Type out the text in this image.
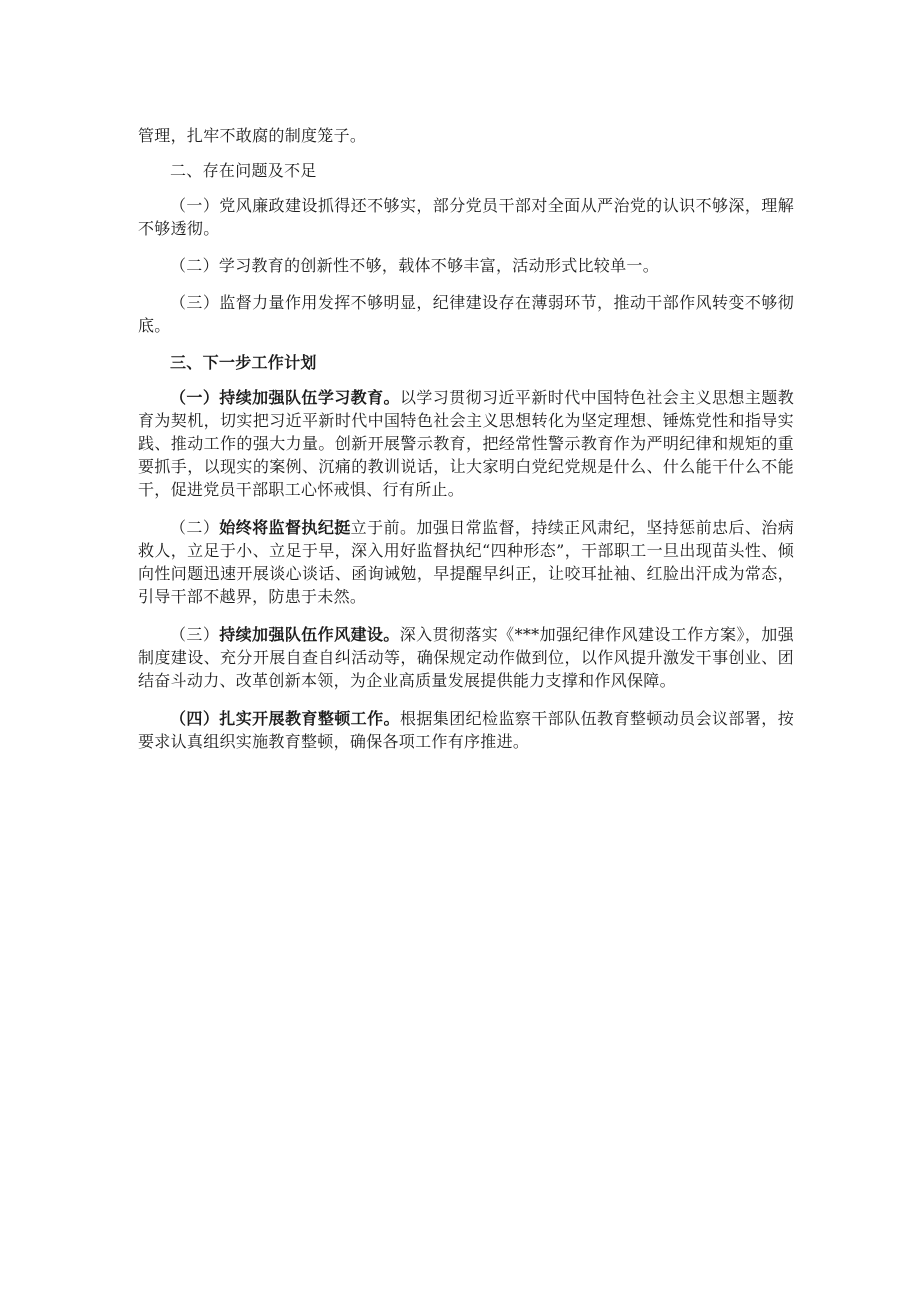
管理，扎牢不敢腐的制度笼子。

二、存在问题及不足

（一）党风廉政建设抓得还不够实，部分党员干部对全面从严治党的认识不够深，理解不够透彻。

（二）学习教育的创新性不够，载体不够丰富，活动形式比较单一。

（三）监督力量作用发挥不够明显，纪律建设存在薄弱环节，推动干部作风转变不够彻底。

三、下一步工作计划

（一）持续加强队伍学习教育。以学习贯彻习近平新时代中国特色社会主义思想主题教育为契机，切实把习近平新时代中国特色社会主义思想转化为坚定理想、锤炼党性和指导实践、推动工作的强大力量。创新开展警示教育，把经常性警示教育作为严明纪律和规矩的重要抓手，以现实的案例、沉痛的教训说话，让大家明白党纪党规是什么、什么能干什么不能干，促进党员干部职工心怀戒惧、行有所止。

（二）始终将监督执纪挺立于前。加强日常监督，持续正风肃纪，坚持惩前忠后、治病救人，立足于小、立足于早，深入用好监督执纪“四种形态”，干部职工一旦出现苗头性、倾向性问题迅速开展谈心谈话、函询诫勉，早提醒早纠正，让咬耳扯袖、红脸出汗成为常态，引导干部不越界，防患于未然。

（三）持续加强队伍作风建设。深入贯彻落实《***加强纪律作风建设工作方案》，加强制度建设、充分开展自查自纠活动等，确保规定动作做到位，以作风提升激发干事创业、团结奋斗动力、改革创新本领，为企业高质量发展提供能力支撑和作风保障。

（四）扎实开展教育整顿工作。根据集团纪检监察干部队伍教育整顿动员会议部署，按要求认真组织实施教育整顿，确保各项工作有序推进。
